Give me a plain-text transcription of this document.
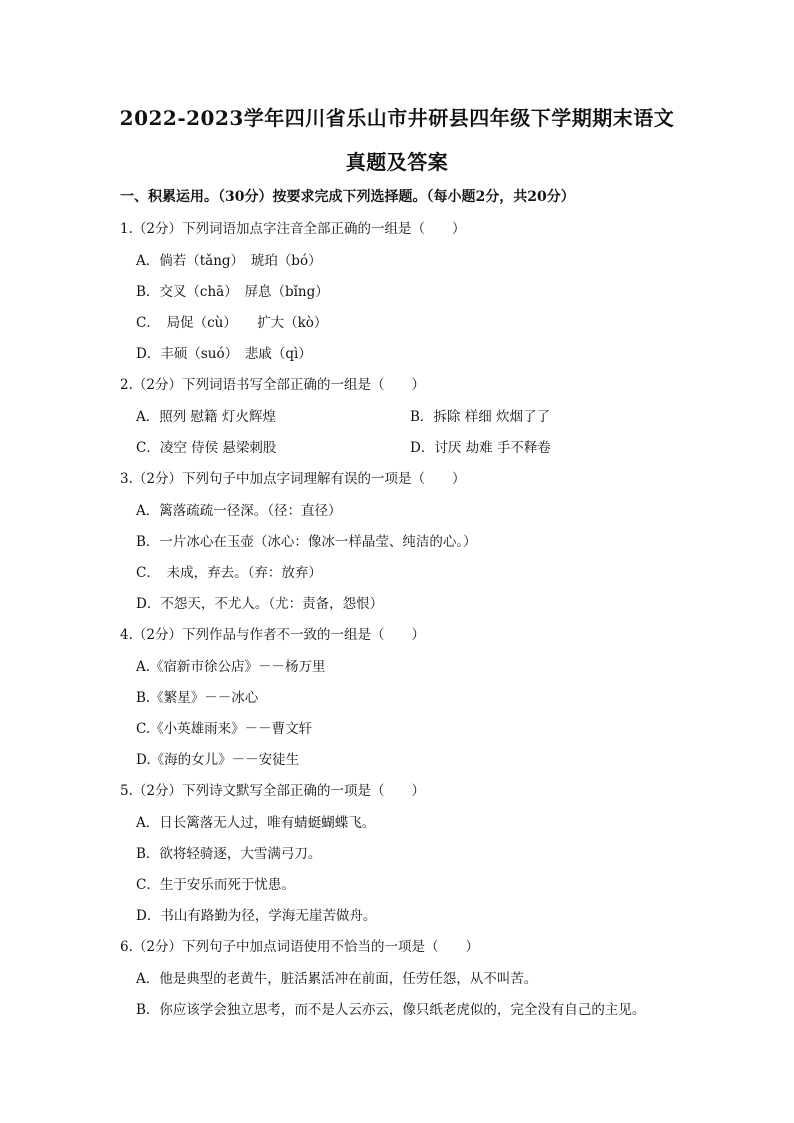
2022-2023学年四川省乐山市井研县四年级下学期期末语文
真题及答案
一、积累运用。（30分）按要求完成下列选择题。（每小题2分，共20分）
1.（2分）下列词语加点字注音全部正确的一组是（　　）
A．倘若（tǎng）　琥珀（bó）
B．交叉（chā）　屏息（bǐng）
C．　局促（cù）　　扩大（kò）
D．丰硕（suó）　悲戚（qì）
2.（2分）下列词语书写全部正确的一组是（　　）
A．照列 慰籍 灯火辉煌	B．拆除 样细 炊烟了了
C．凌空 侍侯 悬梁刺股	D．讨厌 劫难 手不释卷
3.（2分）下列句子中加点字词理解有误的一项是（　　）
A．篱落疏疏一径深。（径：直径）
B．一片冰心在玉壶（冰心：像冰一样晶莹、纯洁的心。）
C．　未成，弃去。（弃：放弃）
D．不怨天，不尤人。（尤：责备，怨恨）
4.（2分）下列作品与作者不一致的一组是（　　）
A.《宿新市徐公店》－－杨万里
B.《繁星》－－冰心
C.《小英雄雨来》－－曹文轩
D.《海的女儿》－－安徒生
5.（2分）下列诗文默写全部正确的一项是（　　）
A．日长篱落无人过，唯有蜻蜓蝴蝶飞。
B．欲将轻骑逐，大雪满弓刀。
C．生于安乐而死于忧患。
D．书山有路勤为径，学海无崖苦做舟。
6.（2分）下列句子中加点词语使用不恰当的一项是（　　）
A．他是典型的老黄牛，脏活累活冲在前面，任劳任怨，从不叫苦。
B．你应该学会独立思考，而不是人云亦云，像只纸老虎似的，完全没有自己的主见。
